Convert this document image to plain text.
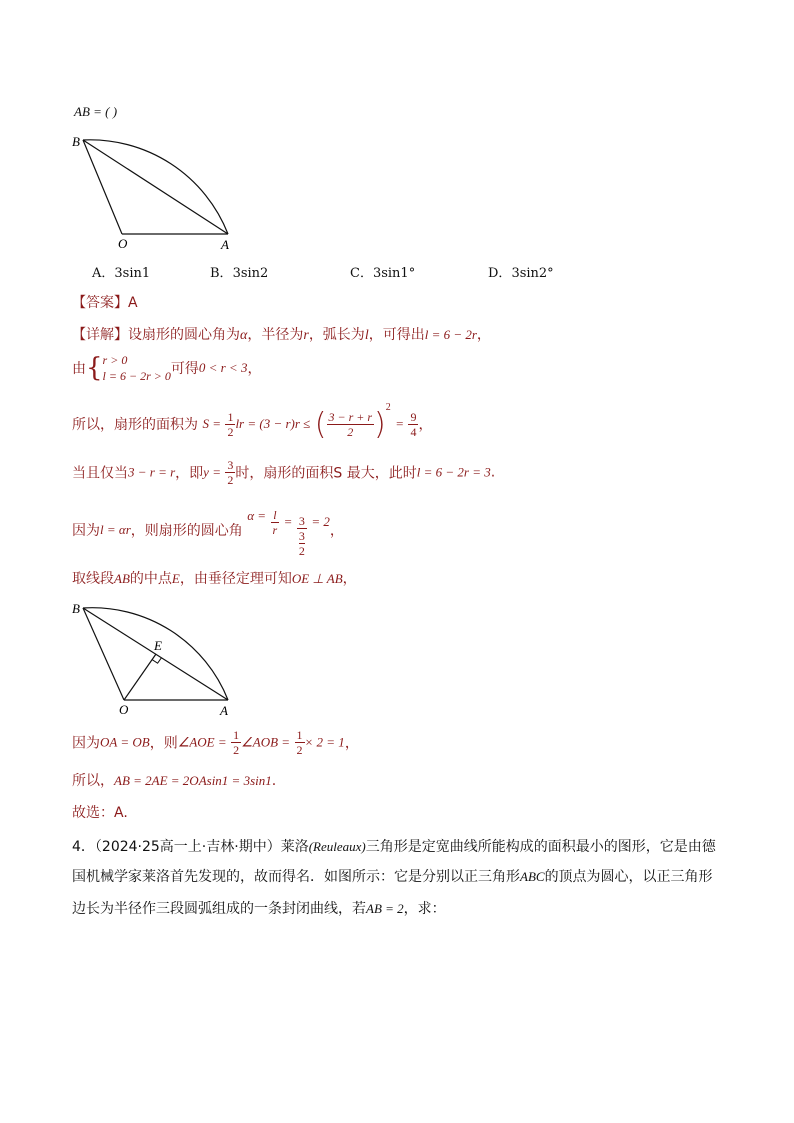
AB = ( )
B
O	A
A．3sin1	B．3sin2	C．3sin1°	D．3sin2°
【答案】A
【详解】设扇形的圆心角为α，半径为r，弧长为l，可得出l = 6 − 2r，
由{ r > 0
l = 6 − 2r > 0 可得0 < r < 3，
所以，扇形的面积为 $S = \frac{1}{2}$ lr = (3 − r)r ≤ ( $\frac{3 - r + r}{2} )^2 = \frac{9}{4}$ ，
当且仅当3 − r = r，即$y = \frac{3}{2}$ 时，扇形的面积S 最大，此时l = 6 − 2r = 3.
因为l = αr，则扇形的圆心角 $\alpha = \frac{l}{r} = 3$
3
2 = 2，
取线段AB的中点E，由垂径定理可知OE ⊥ AB，
B
E
O	A
因为OA = OB，则∠AOE = $\frac{1}{2}$ ∠AOB = $\frac{1}{2} \times 2 = 1$，
所以，AB = 2AE = 2OAsin1 = 3sin1.
故选：A.
4．（2024·25高一上·吉林·期中）莱洛(Reuleaux)三角形是定宽曲线所能构成的面积最小的图形，它是由德
国机械学家莱洛首先发现的，故而得名．如图所示：它是分别以正三角形ABC的顶点为圆心，以正三角形
边长为半径作三段圆弧组成的一条封闭曲线，若AB = 2，求：
